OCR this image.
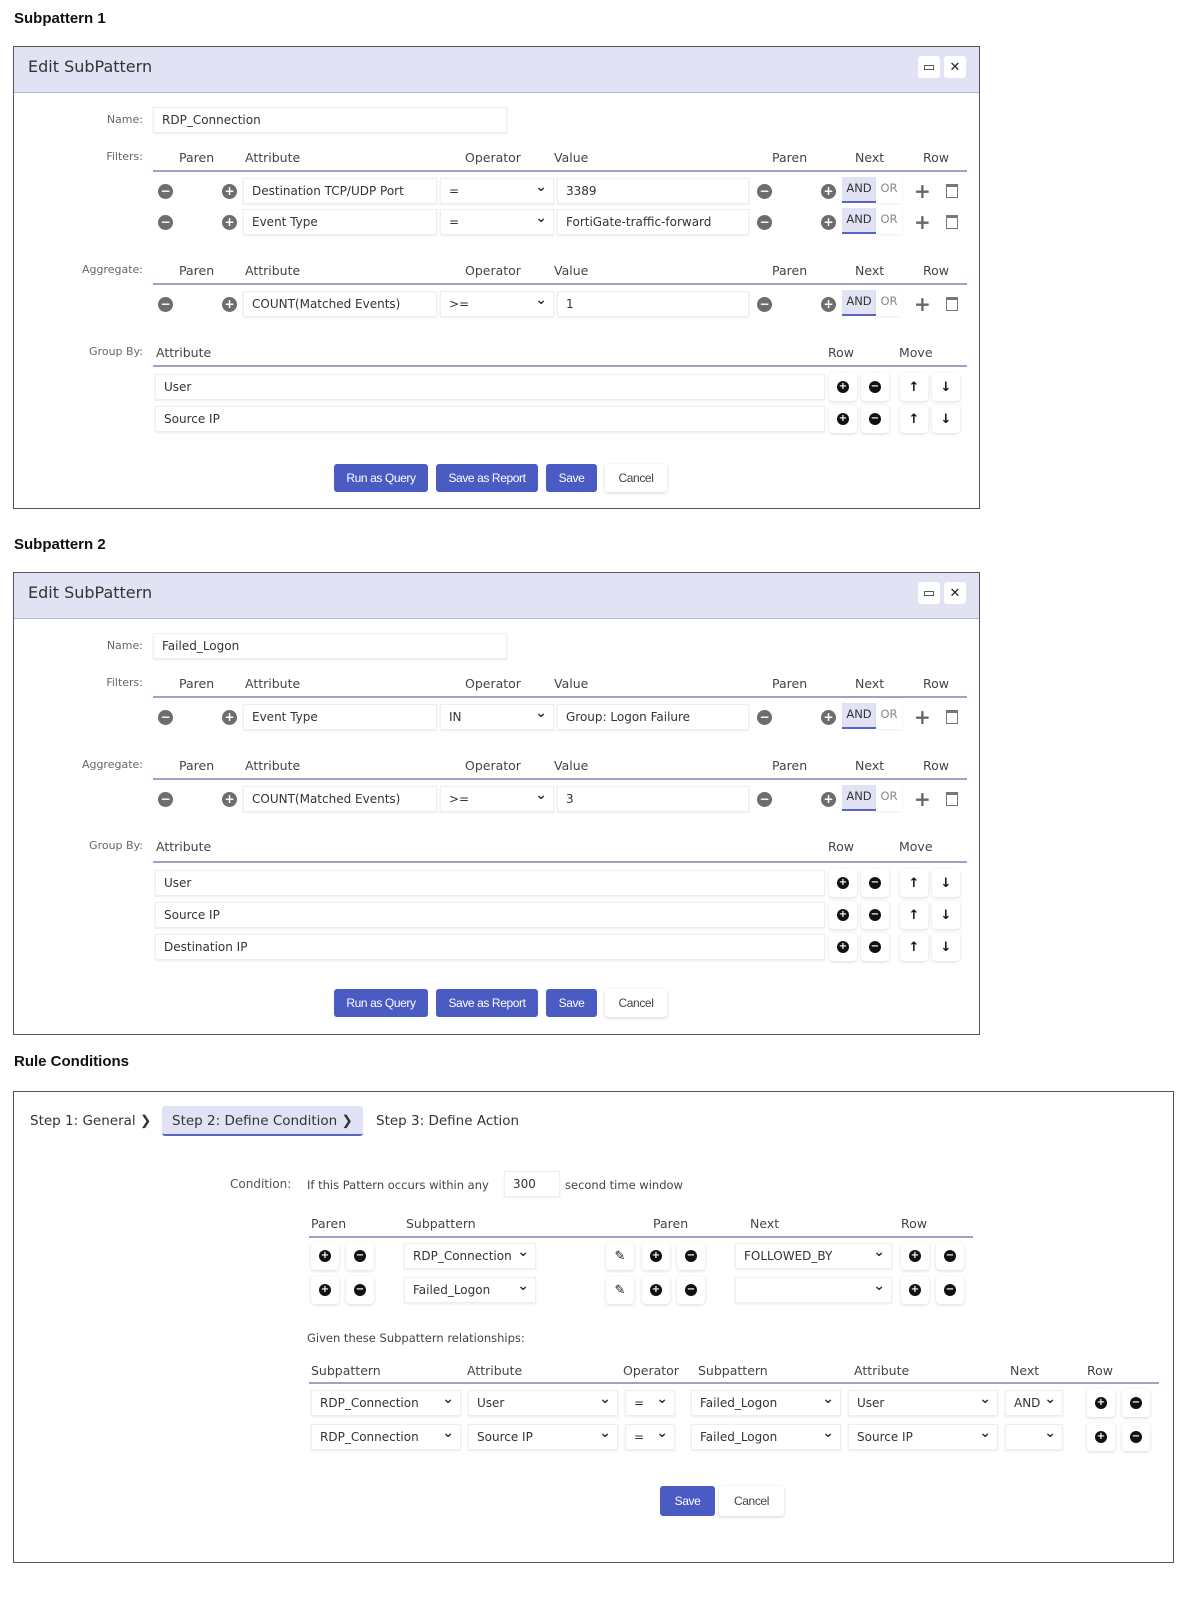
Subpattern 1
Edit SubPattern	▭	✕
Name:	RDP_Connection
Filters:	Paren Attribute	Operator	Value	Paren	Next	Row
−	+	Destination TCP/UDP Port	= ⌄	3389	−	+	AND OR +
−	+	Event Type	= ⌄	FortiGate-traffic-forward	−	+	AND OR +
Aggregate:	Paren Attribute	Operator	Value	Paren	Next	Row
−	+	COUNT(Matched Events)	>= ⌄	1	−	+	AND OR +
Group By: Attribute	Row	Move
User	+ − ↑ ↓
Source IP	+ − ↑ ↓
Run as Query	Save as Report	Save	Cancel
Subpattern 2
Edit SubPattern	▭	✕
Name:	Failed_Logon
Filters:	Paren Attribute	Operator	Value	Paren	Next	Row
−	+	Event Type	IN ⌄	Group: Logon Failure	−	+	AND OR +
Aggregate:	Paren Attribute	Operator	Value	Paren	Next	Row
−	+	COUNT(Matched Events)	>= ⌄	3	−	+	AND OR +
Group By: Attribute	Row	Move
User	+ − ↑ ↓
Source IP	+ − ↑ ↓
Destination IP	+ − ↑ ↓
Run as Query	Save as Report	Save	Cancel
Rule Conditions
Step 1: General ❯	Step 2: Define Condition ❯	Step 3: Define Action
Condition: If this Pattern occurs within any	300	second time window
Paren	Subpattern	Paren	Next	Row
+	−	RDP_Connection ⌄	✎	+	−	FOLLOWED_BY ⌄	+	−
+	−	Failed_Logon ⌄	✎	+	− ⌄	+	−
Given these Subpattern relationships:
Subpattern	Attribute	Operator Subpattern	Attribute	Next	Row
RDP_Connection ⌄	User ⌄	= ⌄	Failed_Logon ⌄	User ⌄	AND ⌄	+	−
RDP_Connection ⌄	Source IP ⌄	= ⌄	Failed_Logon ⌄	Source IP ⌄ ⌄	+	−
Save	Cancel
